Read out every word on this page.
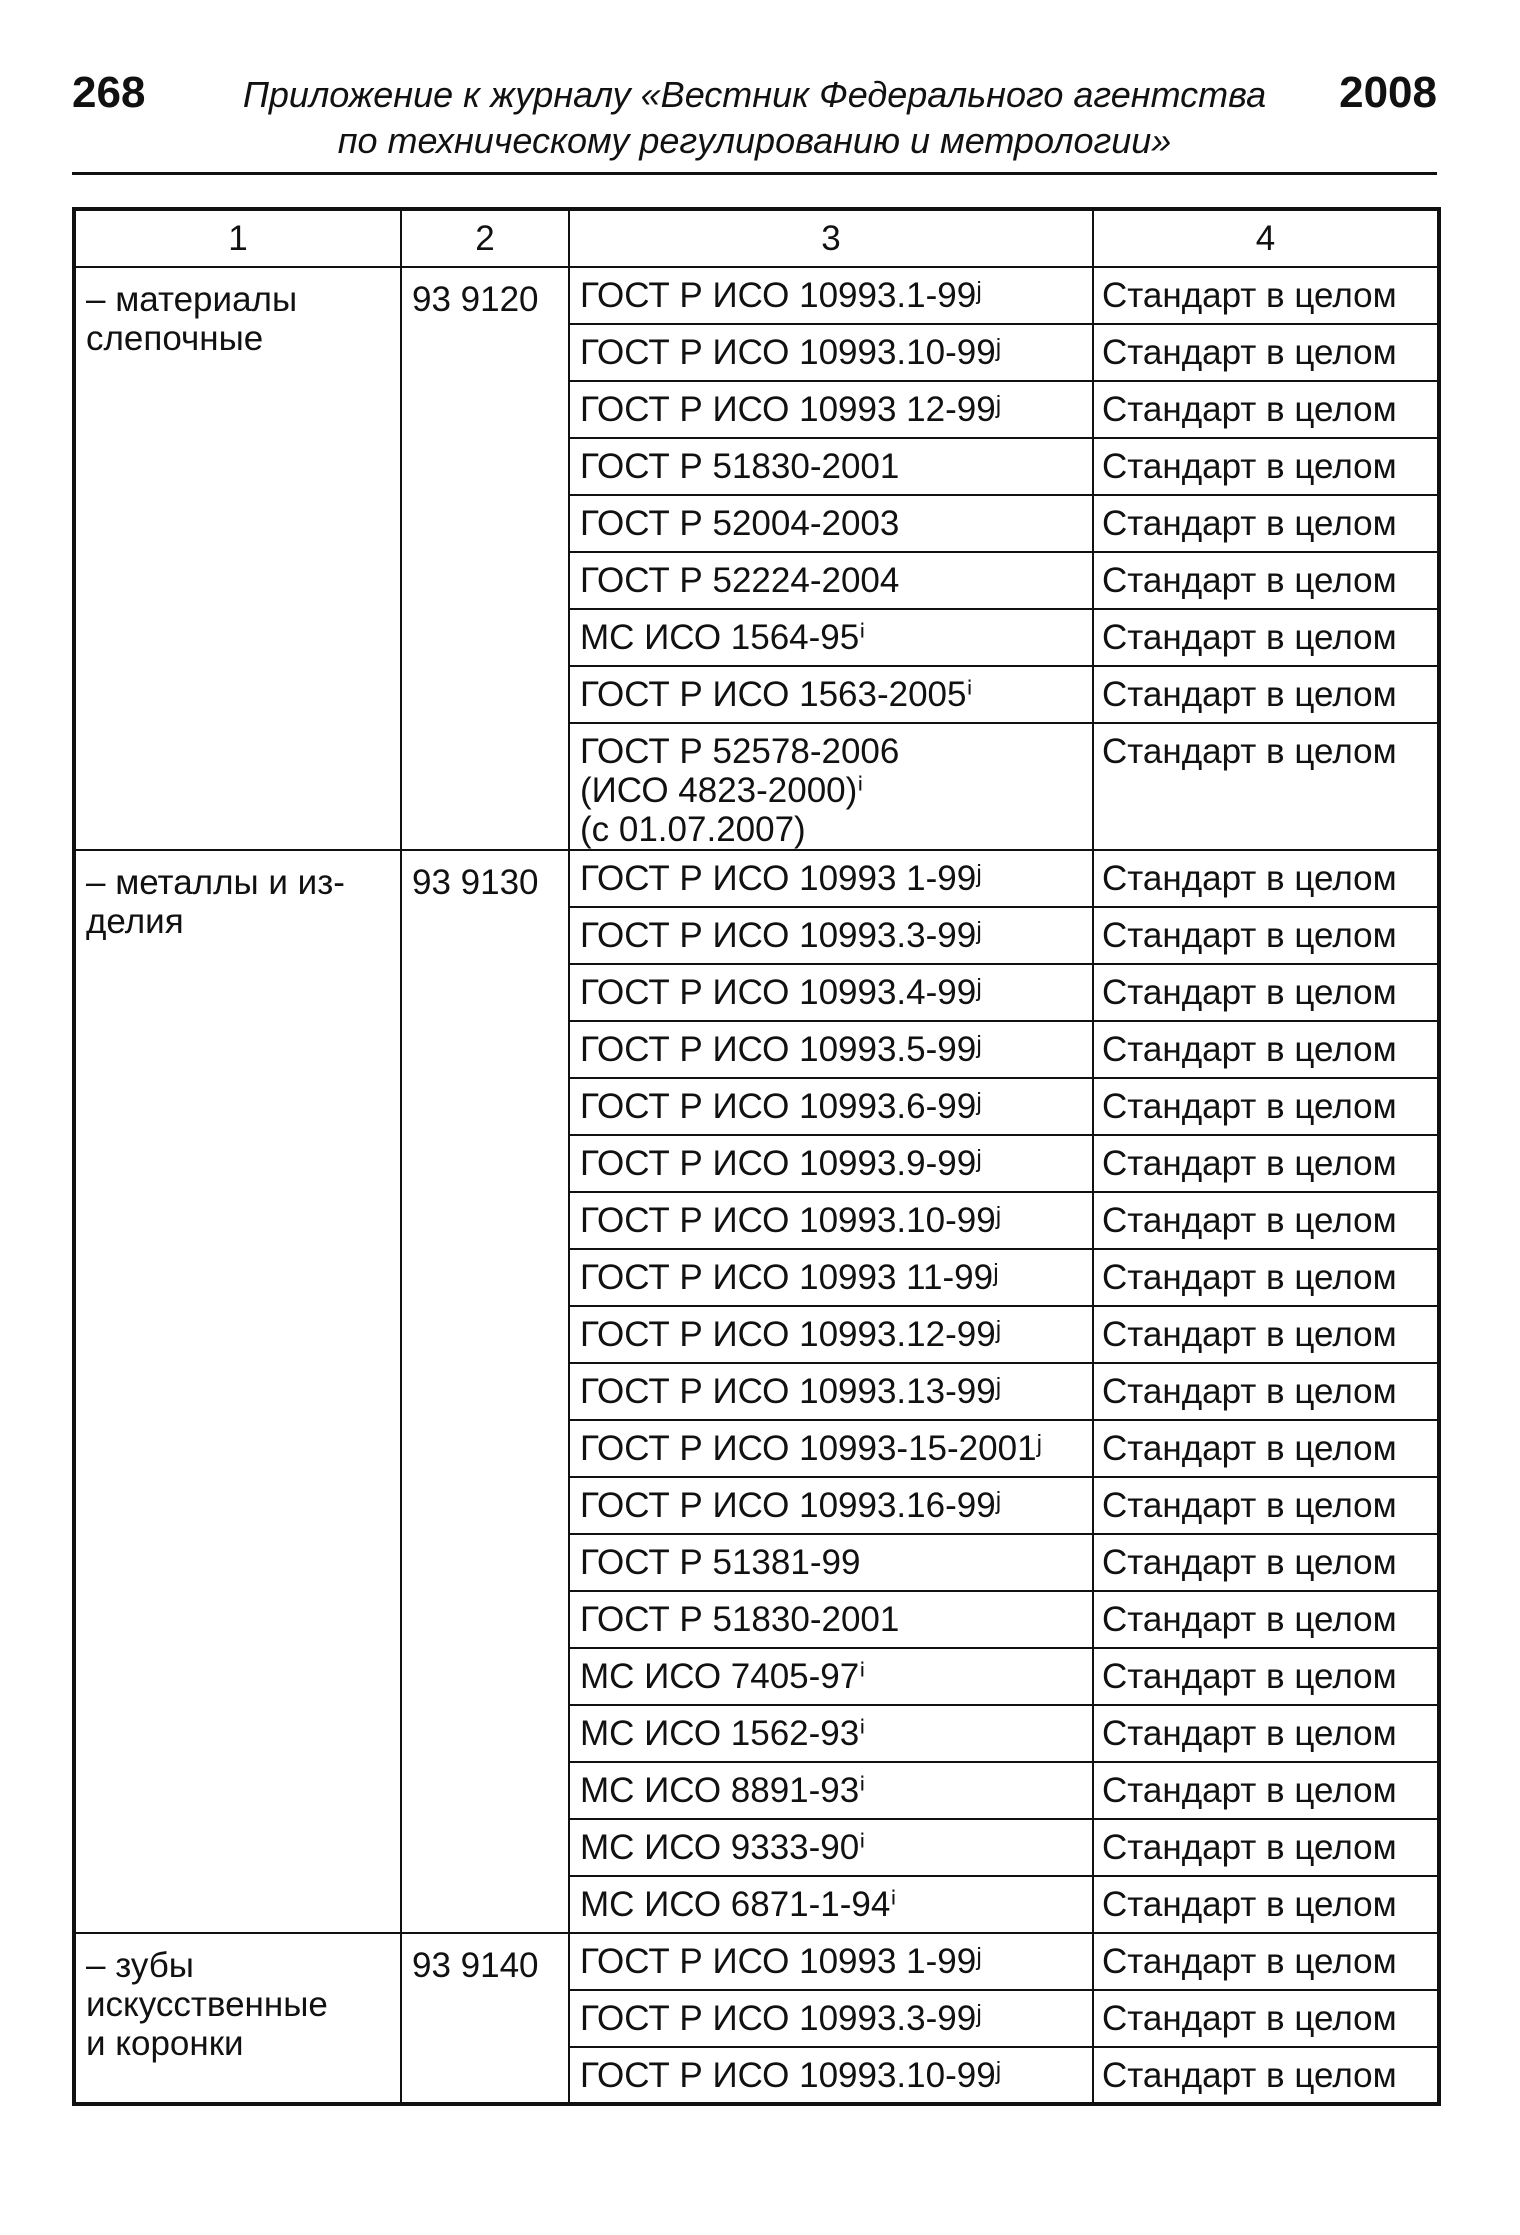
268	Приложение к журналу «Вестник Федерального агентства
по техническому регулированию и метрологии»
2008
1	2	3	4

– материалы
слепочные	93 9120	ГОСТ Р ИСО 10993.1-99ʲ	Стандарт в целом

		ГОСТ Р ИСО 10993.10-99ʲ	Стандарт в целом

		ГОСТ Р ИСО 10993 12-99ʲ	Стандарт в целом

		ГОСТ Р 51830-2001	Стандарт в целом

		ГОСТ Р 52004-2003	Стандарт в целом

		ГОСТ Р 52224-2004	Стандарт в целом

		МС ИСО 1564-95ⁱ	Стандарт в целом

		ГОСТ Р ИСО 1563-2005ⁱ	Стандарт в целом

		ГОСТ Р 52578-2006
(ИСО 4823-2000)ⁱ
(с 01.07.2007)	Стандарт в целом

– металлы и из-
делия	93 9130	ГОСТ Р ИСО 10993 1-99ʲ	Стандарт в целом

		ГОСТ Р ИСО 10993.3-99ʲ	Стандарт в целом

		ГОСТ Р ИСО 10993.4-99ʲ	Стандарт в целом

		ГОСТ Р ИСО 10993.5-99ʲ	Стандарт в целом

		ГОСТ Р ИСО 10993.6-99ʲ	Стандарт в целом

		ГОСТ Р ИСО 10993.9-99ʲ	Стандарт в целом

		ГОСТ Р ИСО 10993.10-99ʲ	Стандарт в целом

		ГОСТ Р ИСО 10993 11-99ʲ	Стандарт в целом

		ГОСТ Р ИСО 10993.12-99ʲ	Стандарт в целом

		ГОСТ Р ИСО 10993.13-99ʲ	Стандарт в целом

		ГОСТ Р ИСО 10993-15-2001ʲ	Стандарт в целом

		ГОСТ Р ИСО 10993.16-99ʲ	Стандарт в целом

		ГОСТ Р 51381-99	Стандарт в целом

		ГОСТ Р 51830-2001	Стандарт в целом

		МС ИСО 7405-97ⁱ	Стандарт в целом

		МС ИСО 1562-93ⁱ	Стандарт в целом

		МС ИСО 8891-93ⁱ	Стандарт в целом

		МС ИСО 9333-90ⁱ	Стандарт в целом

		МС ИСО 6871-1-94ⁱ	Стандарт в целом

– зубы
искусственные
и коронки	93 9140	ГОСТ Р ИСО 10993 1-99ʲ	Стандарт в целом

		ГОСТ Р ИСО 10993.3-99ʲ	Стандарт в целом

		ГОСТ Р ИСО 10993.10-99ʲ	Стандарт в целом
